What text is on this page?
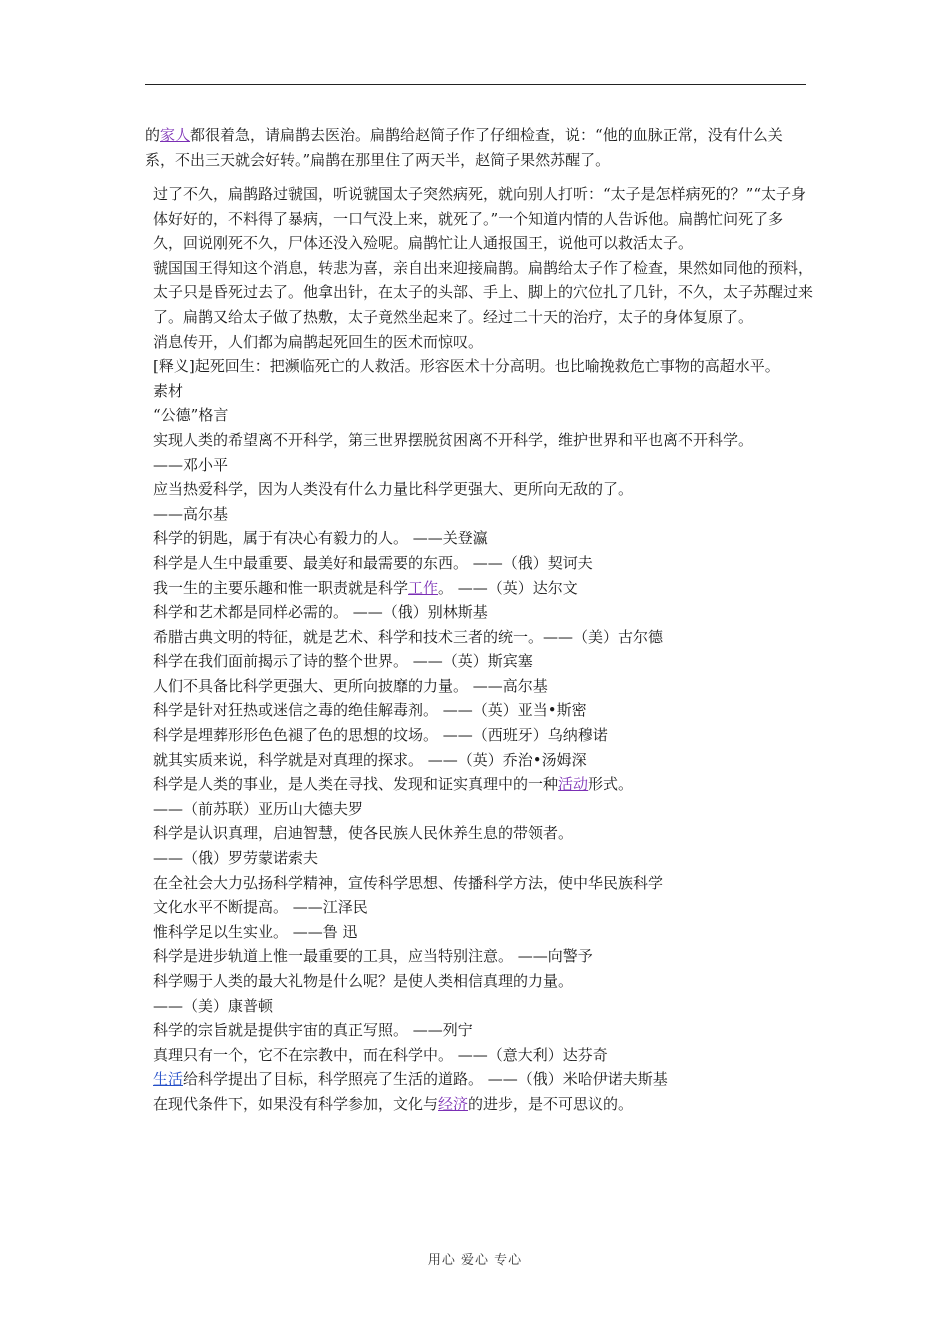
的家人都很着急，请扁鹊去医治。扁鹊给赵简子作了仔细检查，说：“他的血脉正常，没有什么关系，不出三天就会好转。”扁鹊在那里住了两天半，赵简子果然苏醒了。

过了不久，扁鹊路过虢国，听说虢国太子突然病死，就向别人打听：“太子是怎样病死的？”“太子身体好好的，不料得了暴病，一口气没上来，就死了。”一个知道内情的人告诉他。扁鹊忙问死了多久，回说刚死不久，尸体还没入殓呢。扁鹊忙让人通报国王，说他可以救活太子。

虢国国王得知这个消息，转悲为喜，亲自出来迎接扁鹊。扁鹊给太子作了检查，果然如同他的预料，太子只是昏死过去了。他拿出针，在太子的头部、手上、脚上的穴位扎了几针，不久，太子苏醒过来了。扁鹊又给太子做了热敷，太子竟然坐起来了。经过二十天的治疗，太子的身体复原了。

消息传开，人们都为扁鹊起死回生的医术而惊叹。

[释义]起死回生：把濒临死亡的人救活。形容医术十分高明。也比喻挽救危亡事物的高超水平。

素材

“公德”格言

实现人类的希望离不开科学，第三世界摆脱贫困离不开科学，维护世界和平也离不开科学。

——邓小平

应当热爱科学，因为人类没有什么力量比科学更强大、更所向无敌的了。

——高尔基

科学的钥匙，属于有决心有毅力的人。 ——关登瀛

科学是人生中最重要、最美好和最需要的东西。 ——（俄）契诃夫

我一生的主要乐趣和惟一职责就是科学工作。 ——（英）达尔文

科学和艺术都是同样必需的。 ——（俄）别林斯基

希腊古典文明的特征，就是艺术、科学和技术三者的统一。——（美）古尔德

科学在我们面前揭示了诗的整个世界。 ——（英）斯宾塞

人们不具备比科学更强大、更所向披靡的力量。 ——高尔基

科学是针对狂热或迷信之毒的绝佳解毒剂。 ——（英）亚当•斯密

科学是埋葬形形色色褪了色的思想的坟场。 ——（西班牙）乌纳穆诺

就其实质来说，科学就是对真理的探求。 ——（英）乔治•汤姆深

科学是人类的事业，是人类在寻找、发现和证实真理中的一种活动形式。

——（前苏联）亚历山大德夫罗

科学是认识真理，启迪智慧，使各民族人民休养生息的带领者。

——（俄）罗劳蒙诺索夫

在全社会大力弘扬科学精神，宣传科学思想、传播科学方法，使中华民族科学

文化水平不断提高。 ——江泽民

惟科学足以生实业。 ——鲁 迅

科学是进步轨道上惟一最重要的工具，应当特别注意。 ——向警予

科学赐于人类的最大礼物是什么呢？是使人类相信真理的力量。

——（美）康普顿

科学的宗旨就是提供宇宙的真正写照。 ——列宁

真理只有一个，它不在宗教中，而在科学中。 ——（意大利）达芬奇

生活给科学提出了目标，科学照亮了生活的道路。 ——（俄）米哈伊诺夫斯基

在现代条件下，如果没有科学参加，文化与经济的进步，是不可思议的。

用心 爱心 专心
